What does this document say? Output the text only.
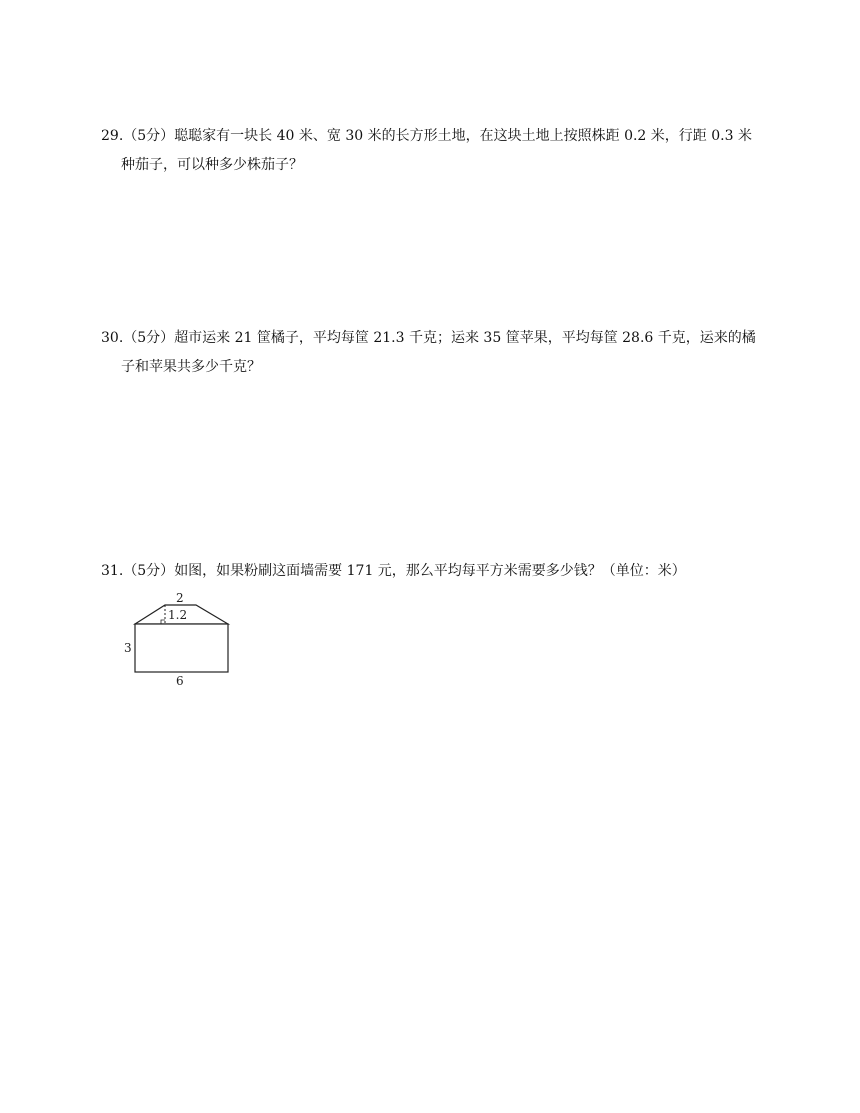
29.（5分）聪聪家有一块长 40 米、宽 30 米的长方形土地，在这块土地上按照株距 0.2 米，行距 0.3 米
种茄子，可以种多少株茄子？
30.（5分）超市运来 21 筐橘子，平均每筐 21.3 千克；运来 35 筐苹果，平均每筐 28.6 千克，运来的橘
子和苹果共多少千克？
31.（5分）如图，如果粉刷这面墙需要 171 元，那么平均每平方米需要多少钱？（单位：米）
2
1.2
3
6
